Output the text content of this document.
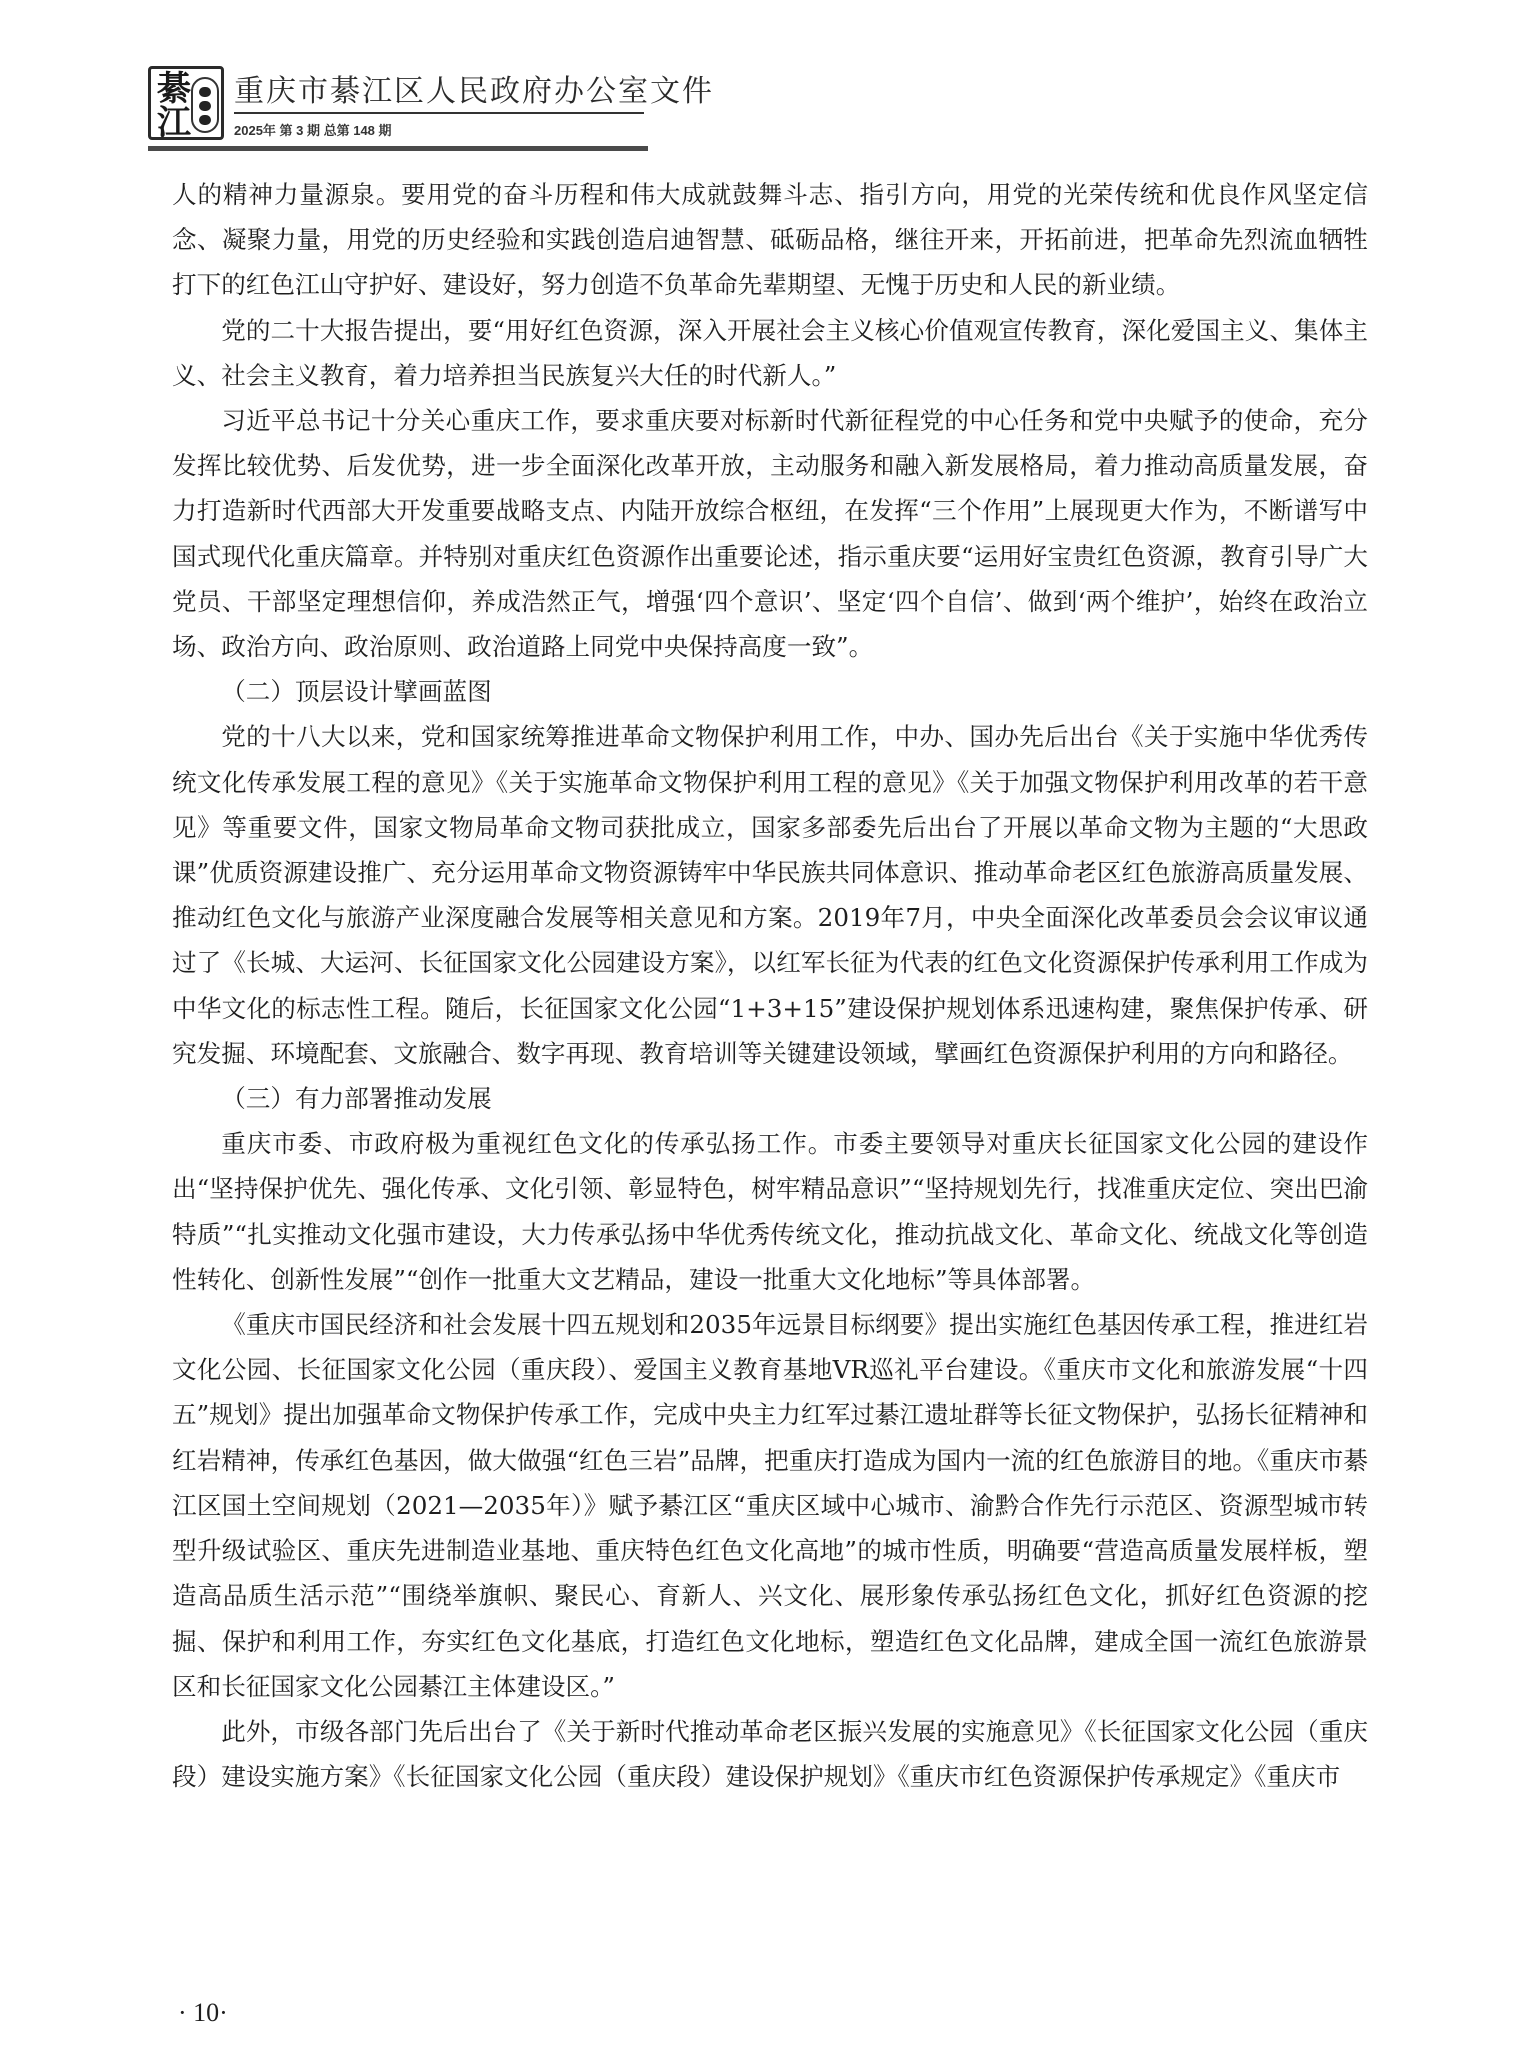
綦
江
重庆市綦江区人民政府办公室文件
2025年 第 3 期 总第 148 期

人的精神力量源泉。要用党的奋斗历程和伟大成就鼓舞斗志、指引方向，用党的光荣传统和优良作风坚定信念、凝聚力量，用党的历史经验和实践创造启迪智慧、砥砺品格，继往开来，开拓前进，把革命先烈流血牺牲打下的红色江山守护好、建设好，努力创造不负革命先辈期望、无愧于历史和人民的新业绩。

党的二十大报告提出，要“用好红色资源，深入开展社会主义核心价值观宣传教育，深化爱国主义、集体主义、社会主义教育，着力培养担当民族复兴大任的时代新人。”

习近平总书记十分关心重庆工作，要求重庆要对标新时代新征程党的中心任务和党中央赋予的使命，充分发挥比较优势、后发优势，进一步全面深化改革开放，主动服务和融入新发展格局，着力推动高质量发展，奋力打造新时代西部大开发重要战略支点、内陆开放综合枢纽，在发挥“三个作用”上展现更大作为，不断谱写中国式现代化重庆篇章。并特别对重庆红色资源作出重要论述，指示重庆要“运用好宝贵红色资源，教育引导广大党员、干部坚定理想信仰，养成浩然正气，增强‘四个意识’、坚定‘四个自信’、做到‘两个维护’，始终在政治立场、政治方向、政治原则、政治道路上同党中央保持高度一致”。

（二）顶层设计擘画蓝图

党的十八大以来，党和国家统筹推进革命文物保护利用工作，中办、国办先后出台《关于实施中华优秀传统文化传承发展工程的意见》《关于实施革命文物保护利用工程的意见》《关于加强文物保护利用改革的若干意见》等重要文件，国家文物局革命文物司获批成立，国家多部委先后出台了开展以革命文物为主题的“大思政课”优质资源建设推广、充分运用革命文物资源铸牢中华民族共同体意识、推动革命老区红色旅游高质量发展、推动红色文化与旅游产业深度融合发展等相关意见和方案。2019年7月，中央全面深化改革委员会会议审议通过了《长城、大运河、长征国家文化公园建设方案》，以红军长征为代表的红色文化资源保护传承利用工作成为中华文化的标志性工程。随后，长征国家文化公园“1+3+15”建设保护规划体系迅速构建，聚焦保护传承、研究发掘、环境配套、文旅融合、数字再现、教育培训等关键建设领域，擘画红色资源保护利用的方向和路径。

（三）有力部署推动发展

重庆市委、市政府极为重视红色文化的传承弘扬工作。市委主要领导对重庆长征国家文化公园的建设作出“坚持保护优先、强化传承、文化引领、彰显特色，树牢精品意识”“坚持规划先行，找准重庆定位、突出巴渝特质”“扎实推动文化强市建设，大力传承弘扬中华优秀传统文化，推动抗战文化、革命文化、统战文化等创造性转化、创新性发展”“创作一批重大文艺精品，建设一批重大文化地标”等具体部署。

《重庆市国民经济和社会发展十四五规划和2035年远景目标纲要》提出实施红色基因传承工程，推进红岩文化公园、长征国家文化公园（重庆段）、爱国主义教育基地VR巡礼平台建设。《重庆市文化和旅游发展“十四五”规划》提出加强革命文物保护传承工作，完成中央主力红军过綦江遗址群等长征文物保护，弘扬长征精神和红岩精神，传承红色基因，做大做强“红色三岩”品牌，把重庆打造成为国内一流的红色旅游目的地。《重庆市綦江区国土空间规划（2021—2035年）》赋予綦江区“重庆区域中心城市、渝黔合作先行示范区、资源型城市转型升级试验区、重庆先进制造业基地、重庆特色红色文化高地”的城市性质，明确要“营造高质量发展样板，塑造高品质生活示范”“围绕举旗帜、聚民心、育新人、兴文化、展形象传承弘扬红色文化，抓好红色资源的挖掘、保护和利用工作，夯实红色文化基底，打造红色文化地标，塑造红色文化品牌，建成全国一流红色旅游景区和长征国家文化公园綦江主体建设区。”

此外，市级各部门先后出台了《关于新时代推动革命老区振兴发展的实施意见》《长征国家文化公园（重庆段）建设实施方案》《长征国家文化公园（重庆段）建设保护规划》《重庆市红色资源保护传承规定》《重庆市

· 10·
